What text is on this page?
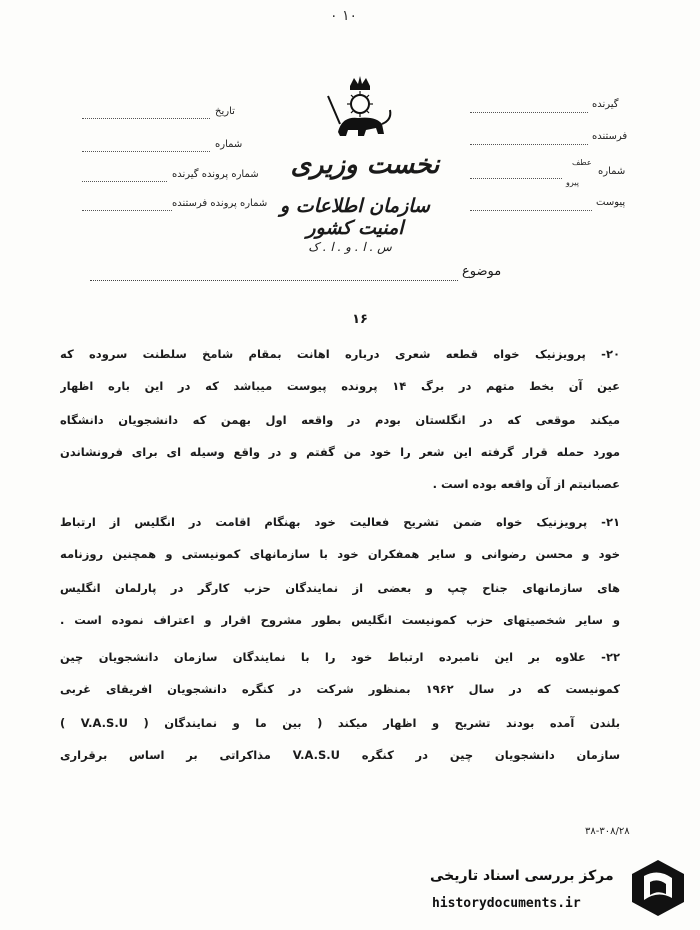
۰ ۱۰
تاریخ
شماره
شماره پرونده گیرنده
شماره پرونده فرستنده
گیرنده
فرستنده
شماره
عطف
پیرو
پیوست
نخست وزیری
سازمان اطلاعات و امنیت کشور
س . ا . و . ا . ک
موضوع
۱۶
۲۰- پرویزنیک خواه قطعه شعری درباره اهانت بمقام شامخ سلطنت سروده که
عین آن بخط متهم در برگ ۱۴ پرونده پیوست میباشد که در این باره اظهار
میکند موقعی که در انگلستان بودم در واقعه اول بهمن که دانشجویان دانشگاه
مورد حمله قرار گرفته این شعر را خود من گفتم و در واقع وسیله ای برای فرونشاندن
عصبانیتم از آن واقعه بوده است .
۲۱- پرویزنیک خواه ضمن تشریح فعالیت خود بهنگام اقامت در انگلیس از ارتباط
خود و محسن رضوانی و سایر همفکران خود با سازمانهای کمونیستی و همچنین روزنامه
های سازمانهای جناح چپ و بعضی از نمایندگان حزب کارگر در پارلمان انگلیس
و سایر شخصیتهای حزب کمونیست انگلیس بطور مشروح اقرار و اعتراف نموده است .
۲۲- علاوه بر این نامبرده ارتباط خود را با نمایندگان سازمان دانشجویان چین
کمونیست که در سال ۱۹۶۲ بمنظور شرکت در کنگره دانشجویان افریقای غربی
( V.A.S.U ) بلندن آمده بودند تشریح و اظهار میکند ( بین ما و نمایندگان
سازمان دانشجویان چین در کنگره V.A.S.U مذاکراتی بر اساس برقراری
۳۸-۳۰۸/۲۸
مرکز بررسی اسناد تاریخی
historydocuments.ir
